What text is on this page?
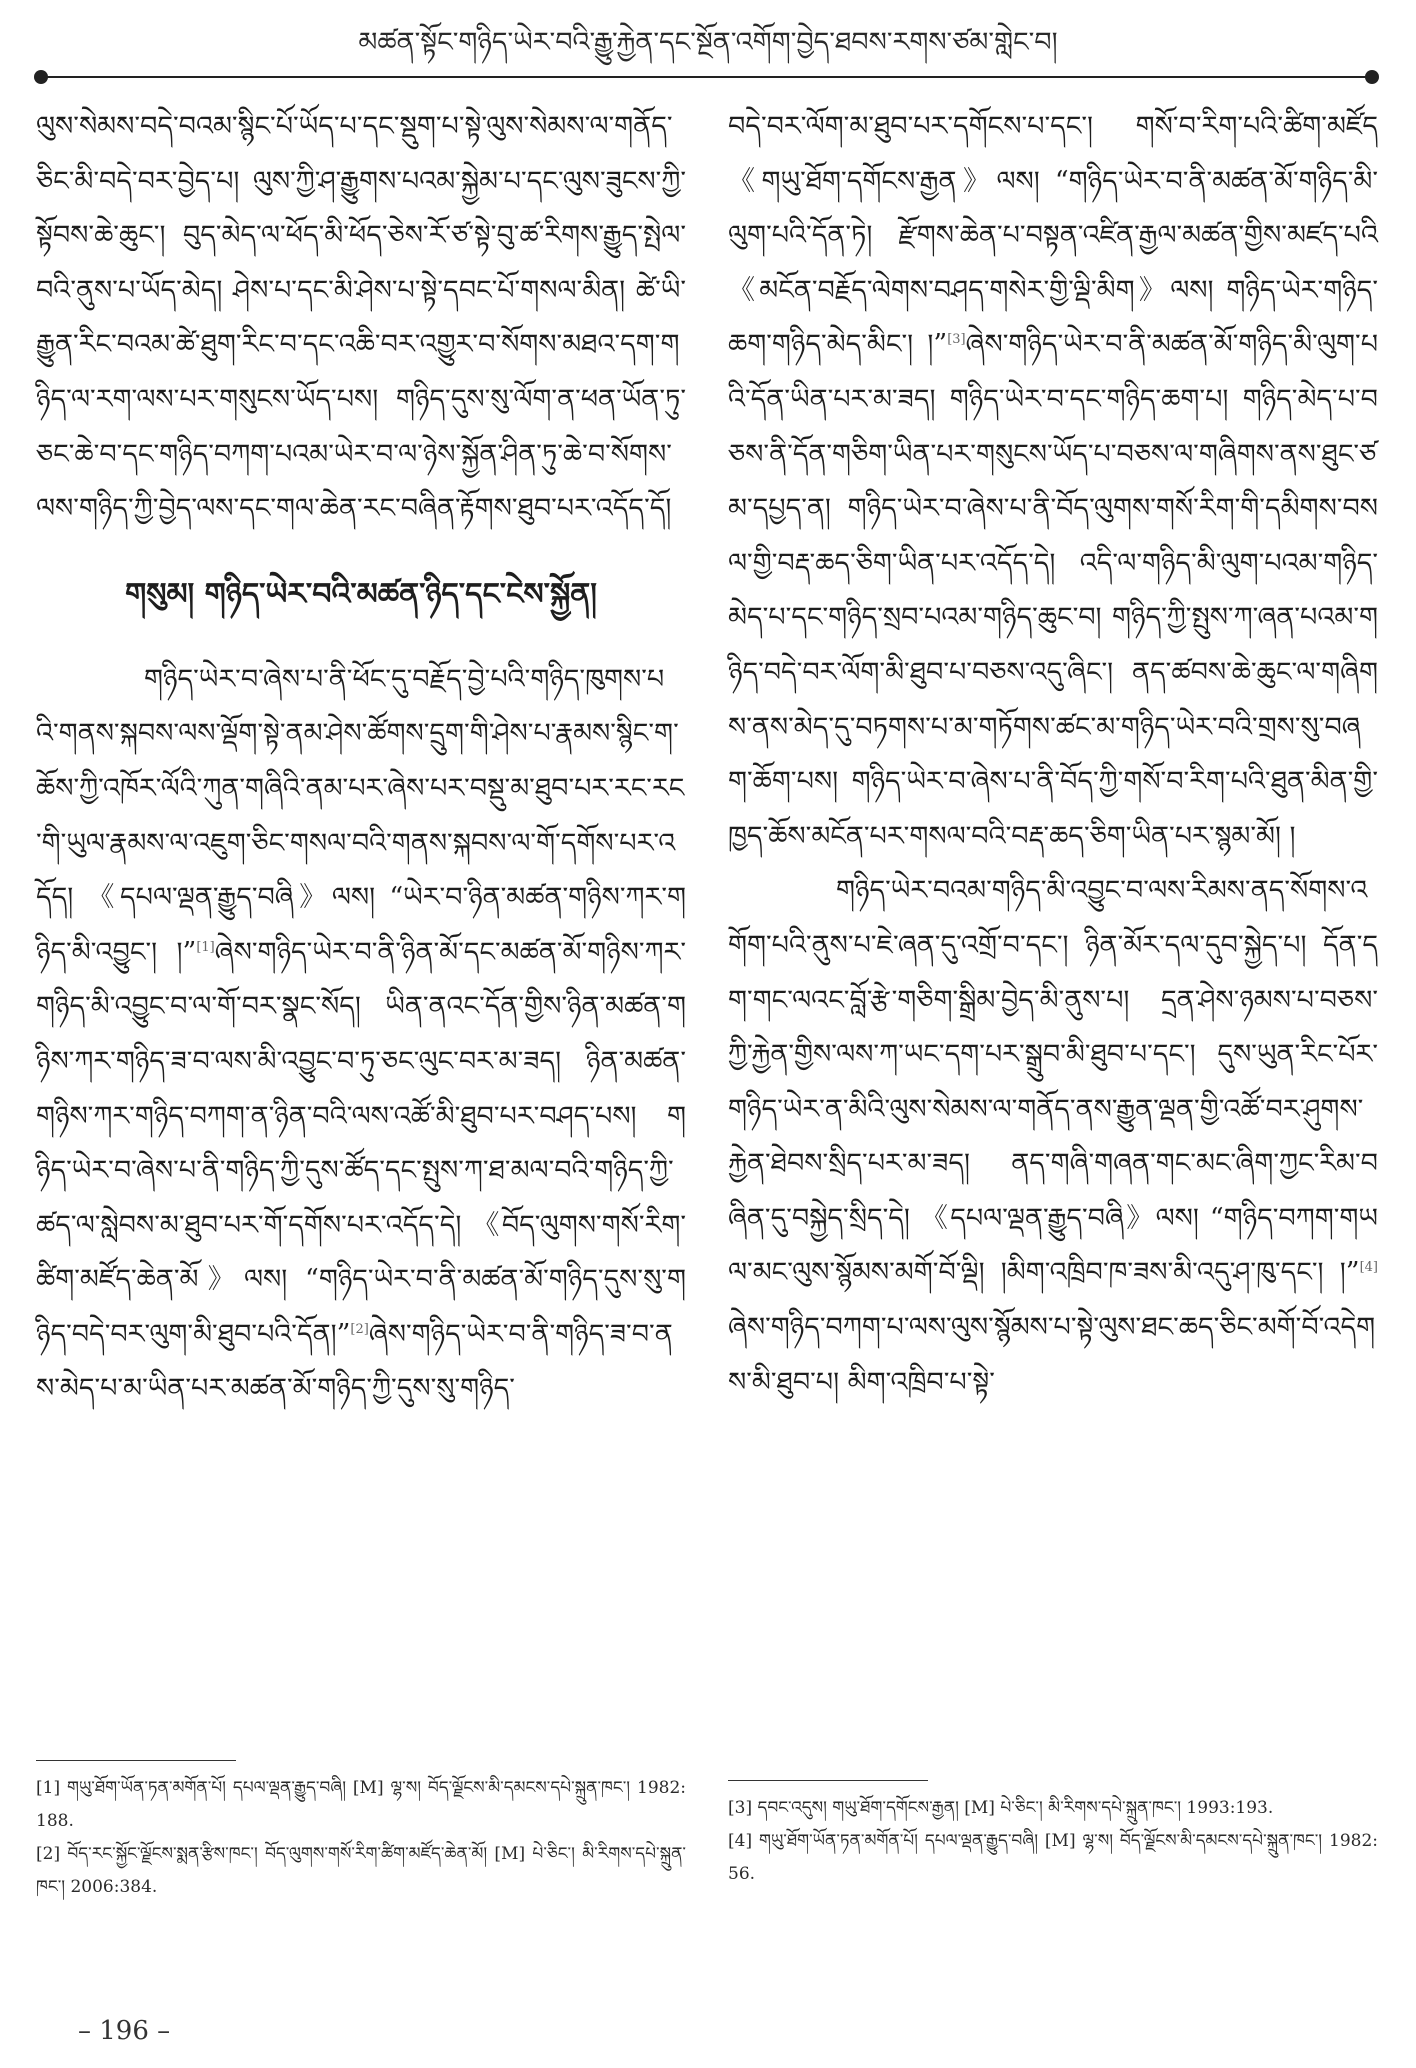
མཚན་སྟོང་གཉིད་ཡེར་བའི་རྒྱུ་རྐྱེན་དང་སྔོན་འགོག་བྱེད་ཐབས་རགས་ཙམ་གླེང་བ།

ལུས་སེམས་བདེ་བའམ་སྙིང་པོ་ཡོད་པ་དང་སྡུག་པ་སྟེ་ལུས་སེམས་ལ་གནོད་ཅིང་མི་བདེ་བར་བྱེད་པ། ལུས་ཀྱི་ཤ་རྒྱུགས་པའམ་སྐྱེམ་པ་དང་ལུས་ཟུངས་ཀྱི་སྟོབས་ཆེ་ཆུང་། བུད་མེད་ལ་ཕོད་མི་ཕོད་ཅེས་རོ་ཙ་སྟེ་བུ་ཚ་རིགས་རྒྱུད་སྤེལ་བའི་ནུས་པ་ཡོད་མེད། ཤེས་པ་དང་མི་ཤེས་པ་སྟེ་དབང་པོ་གསལ་མིན། ཚེ་ཡི་རྒྱུན་རིང་བའམ་ཚེ་ཐུག་རིང་བ་དང་འཆི་བར་འགྱུར་བ་སོགས་མཐའ་དག་གཉིད་ལ་རག་ལས་པར་གསུངས་ཡོད་པས། གཉིད་དུས་སུ་ལོག་ན་ཕན་ཡོན་ཏུ་ཅང་ཆེ་བ་དང་གཉིད་བཀག་པའམ་ཡེར་བ་ལ་ཉེས་སྐྱོན་ཤིན་ཏུ་ཆེ་བ་སོགས་ལས་གཉིད་ཀྱི་བྱེད་ལས་དང་གལ་ཆེན་རང་བཞིན་རྟོགས་ཐུབ་པར་འདོད་དོ།

གསུམ། གཉིད་ཡེར་བའི་མཚན་ཉིད་དང་ངེས་སྐྱོན།

གཉིད་ཡེར་བ་ཞེས་པ་ནི་ཕོང་དུ་བརྗོད་བྱེ་པའི་གཉིད་ཁུགས་པའི་གནས་སྐབས་ལས་ལྡོག་སྟེ་ནམ་ཤེས་ཚོགས་དྲུག་གི་ཤེས་པ་རྣམས་སྙིང་ག་ཆོས་ཀྱི་འཁོར་ལོའི་ཀུན་གཞིའི་ནམ་པར་ཞེས་པར་བསྡུ་མ་ཐུབ་པར་རང་རང་གི་ཡུལ་རྣམས་ལ་འཇུག་ཅིང་གསལ་བའི་གནས་སྐབས་ལ་གོ་དགོས་པར་འདོད། 《དཔལ་ལྡན་རྒྱུད་བཞི》ལས། “ཡེར་བ་ཉིན་མཚན་གཉིས་ཀར་གཉིད་མི་འབྱུང་། །”[1]ཞེས་གཉིད་ཡེར་བ་ནི་ཉིན་མོ་དང་མཚན་མོ་གཉིས་ཀར་གཉིད་མི་འབྱུང་བ་ལ་གོ་བར་སྣང་སོད། ཡིན་ནའང་དོན་གྱིས་ཉིན་མཚན་གཉིས་ཀར་གཉིད་ཟ་བ་ལས་མི་འབྱུང་བ་ཏུ་ཅང་ལུང་བར་མ་ཟད། ཉིན་མཚན་གཉིས་ཀར་གཉིད་བཀག་ན་ཉིན་བའི་ལས་འཚོ་མི་ཐུབ་པར་བཤད་པས། གཉིད་ཡེར་བ་ཞེས་པ་ནི་གཉིད་ཀྱི་དུས་ཚོད་དང་སྤུས་ཀ་ཐ་མལ་བའི་གཉིད་ཀྱི་ཚད་ལ་སླེབས་མ་ཐུབ་པར་གོ་དགོས་པར་འདོད་དེ། 《བོད་ལུགས་གསོ་རིག་ཚིག་མཛོད་ཆེན་མོ》ལས། “གཉིད་ཡེར་བ་ནི་མཚན་མོ་གཉིད་དུས་སུ་གཉིད་བདེ་བར་ལུག་མི་ཐུབ་པའི་དོན།”[2]ཞེས་གཉིད་ཡེར་བ་ནི་གཉིད་ཟ་བ་ནས་མེད་པ་མ་ཡིན་པར་མཚན་མོ་གཉིད་ཀྱི་དུས་སུ་གཉིད་

བདེ་བར་ལོག་མ་ཐུབ་པར་དགོངས་པ་དང་། གསོ་བ་རིག་པའི་ཚིག་མཛོད《གཡུ་ཐོག་དགོངས་རྒྱན》ལས། “གཉིད་ཡེར་བ་ནི་མཚན་མོ་གཉིད་མི་ལུག་པའི་དོན་ཏེ། རྫོགས་ཆེན་པ་བསྟན་འཛིན་རྒྱལ་མཚན་གྱིས་མཛད་པའི《མངོན་བརྗོད་ལེགས་བཤད་གསེར་གྱི་ལྡི་མིག》ལས། གཉིད་ཡེར་གཉིད་ཆག་གཉིད་མེད་མིང་། །”[3]ཞེས་གཉིད་ཡེར་བ་ནི་མཚན་མོ་གཉིད་མི་ལུག་པའི་དོན་ཡིན་པར་མ་ཟད། གཉིད་ཡེར་བ་དང་གཉིད་ཆག་པ། གཉིད་མེད་པ་བཅས་ནི་དོན་གཅིག་ཡིན་པར་གསུངས་ཡོད་པ་བཅས་ལ་གཞིགས་ནས་ཐུང་ཙམ་དཔྱད་ན། གཉིད་ཡེར་བ་ཞེས་པ་ནི་བོད་ལུགས་གསོ་རིག་གི་དམིགས་བསལ་གྱི་བརྡ་ཆད་ཅིག་ཡིན་པར་འདོད་དེ། འདི་ལ་གཉིད་མི་ལུག་པའམ་གཉིད་མེད་པ་དང་གཉིད་སྲབ་པའམ་གཉིད་ཆུང་བ། གཉིད་ཀྱི་སྤུས་ཀ་ཞན་པའམ་གཉིད་བདེ་བར་ལོག་མི་ཐུབ་པ་བཅས་འདུ་ཞིང་། ནད་ཚབས་ཆེ་ཆུང་ལ་གཞིགས་ནས་མེད་དུ་བཏགས་པ་མ་གཏོགས་ཚང་མ་གཉིད་ཡེར་བའི་གྲས་སུ་བཞག་ཆོག་པས། གཉིད་ཡེར་བ་ཞེས་པ་ནི་བོད་ཀྱི་གསོ་བ་རིག་པའི་ཐུན་མིན་གྱི་ཁྱད་ཆོས་མངོན་པར་གསལ་བའི་བརྡ་ཆད་ཅིག་ཡིན་པར་སྙམ་མོ། །

གཉིད་ཡེར་བའམ་གཉིད་མི་འབྱུང་བ་ལས་རིམས་ནད་སོགས་འགོག་པའི་ནུས་པ་ཇེ་ཞན་དུ་འགྲོ་བ་དང་། ཉིན་མོར་དལ་དུབ་སྐྱེད་པ། དོན་དག་གང་ལའང་བློ་རྩེ་གཅིག་སྒྲིམ་བྱེད་མི་ནུས་པ། དྲན་ཤེས་ཉམས་པ་བཅས་ཀྱི་རྐྱེན་གྱིས་ལས་ཀ་ཡང་དག་པར་སྒྲུབ་མི་ཐུབ་པ་དང་། དུས་ཡུན་རིང་པོར་གཉིད་ཡེར་ན་མིའི་ལུས་སེམས་ལ་གནོད་ནས་རྒྱུན་ལྡན་གྱི་འཚོ་བར་ཤུགས་རྐྱེན་ཐེབས་སྲིད་པར་མ་ཟད། ནད་གཞི་གཞན་གང་མང་ཞིག་ཀྱང་རིམ་བཞིན་དུ་བསྐྱེད་སྲིད་དེ། 《དཔལ་ལྡན་རྒྱུད་བཞི》ལས། “གཉིད་བཀག་གཡལ་མང་ལུས་སྙོམས་མགོ་བོ་ལྡི། །མིག་འཁྲིབ་ཁ་ཟས་མི་འདུ་ཤ་ཁུ་དང་། །”[4]ཞེས་གཉིད་བཀག་པ་ལས་ལུས་སྙོམས་པ་སྟེ་ལུས་ཐང་ཆད་ཅིང་མགོ་བོ་འདེགས་མི་ཐུབ་པ། མིག་འཁྲིབ་པ་སྟེ་

[1] གཡུ་ཐོག་ཡོན་ཏན་མགོན་པོ། དཔལ་ལྡན་རྒྱུད་བཞི། [M] ལྷ་ས། བོད་ལྗོངས་མི་དམངས་དཔེ་སྐྲུན་ཁང་། 1982: 188.

[2] བོད་རང་སྐྱོང་ལྗོངས་སྨན་རྩིས་ཁང་། བོད་ལུགས་གསོ་རིག་ཚིག་མཛོད་ཆེན་མོ། [M] པེ་ཅིང་། མི་རིགས་དཔེ་སྐྲུན་ཁང་། 2006:384.

[3] དབང་འདུས། གཡུ་ཐོག་དགོངས་རྒྱན། [M] པེ་ཅིང་། མི་རིགས་དཔེ་སྐྲུན་ཁང་། 1993:193.

[4] གཡུ་ཐོག་ཡོན་ཏན་མགོན་པོ། དཔལ་ལྡན་རྒྱུད་བཞི། [M] ལྷ་ས། བོད་ལྗོངས་མི་དམངས་དཔེ་སྐྲུན་ཁང་། 1982:56.

– 196 –
